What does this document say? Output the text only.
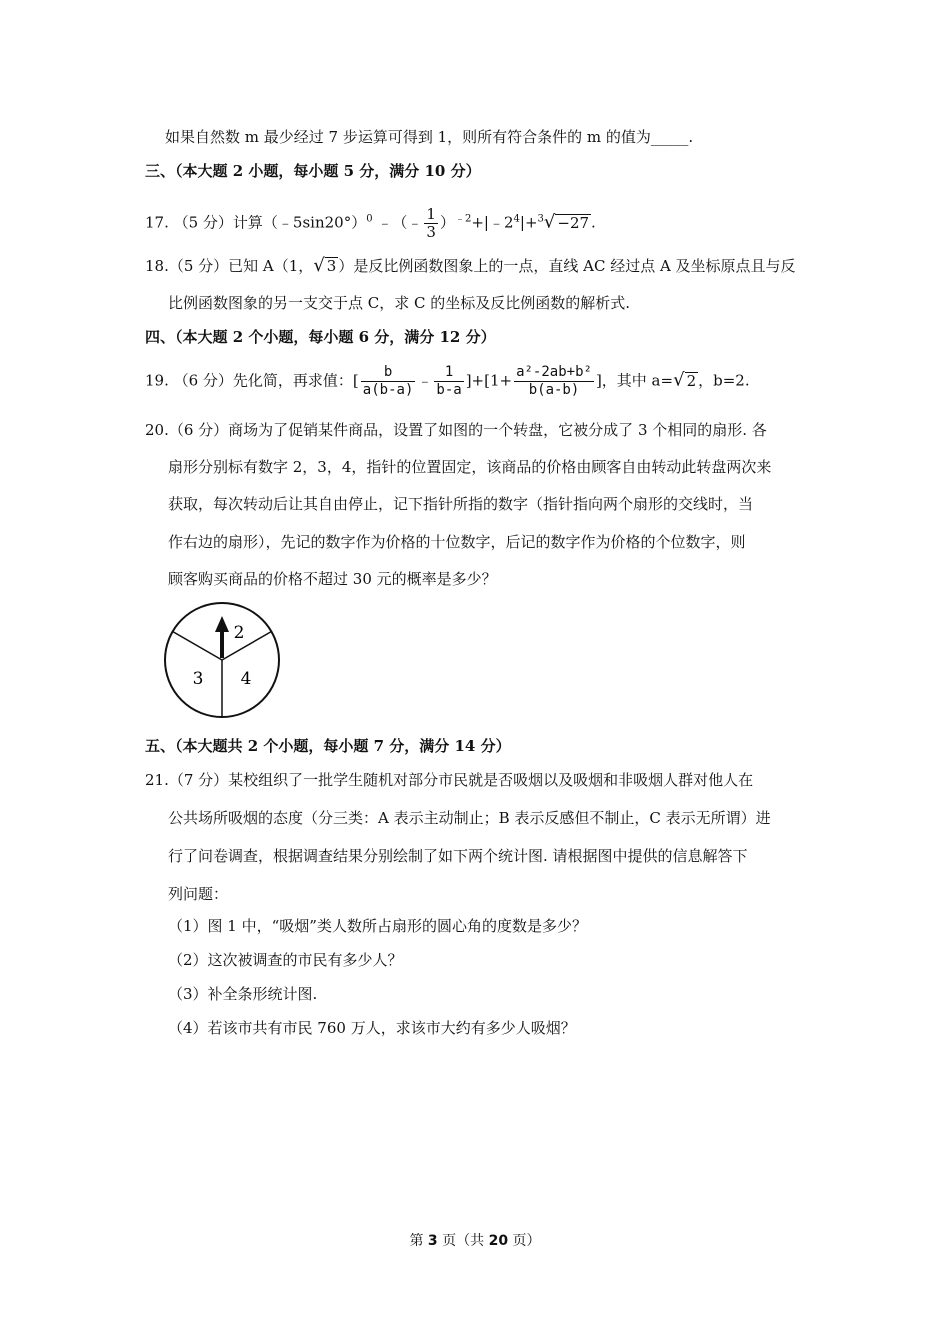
如果自然数 m 最少经过 7 步运算可得到 1，则所有符合条件的 m 的值为_____.
三、（本大题 2 小题，每小题 5 分，满分 10 分）
17. （5 分）计算（﹣5sin20°）$^0$ ﹣（﹣ $\frac{1}{3}$ ）$^{﹣2}+|﹣2^4|+^3√ -27$ .
18.（5 分）已知 A（1，√ 3 ）是反比例函数图象上的一点，直线 AC 经过点 A 及坐标原点且与反
比例函数图象的另一支交于点 C，求 C 的坐标及反比例函数的解析式.
四、（本大题 2 个小题，每小题 6 分，满分 12 分）
19. （6 分）先化简，再求值：[ $\frac{b}{a(b-a)}$ ﹣ $\frac{1}{b-a} ]+[1+ \frac{\text{a²-2ab+b²}}{b(a-b)}$ ]，其中 a=√ 2 ，b=2.
20.（6 分）商场为了促销某件商品，设置了如图的一个转盘，它被分成了 3 个相同的扇形. 各
扇形分别标有数字 2，3，4，指针的位置固定，该商品的价格由顾客自由转动此转盘两次来
获取，每次转动后让其自由停止，记下指针所指的数字（指针指向两个扇形的交线时，当
作右边的扇形），先记的数字作为价格的十位数字，后记的数字作为价格的个位数字，则
顾客购买商品的价格不超过 30 元的概率是多少？
2
3 4
五、（本大题共 2 个小题，每小题 7 分，满分 14 分）
21.（7 分）某校组织了一批学生随机对部分市民就是否吸烟以及吸烟和非吸烟人群对他人在
公共场所吸烟的态度（分三类：A 表示主动制止；B 表示反感但不制止，C 表示无所谓）进
行了问卷调查，根据调查结果分别绘制了如下两个统计图. 请根据图中提供的信息解答下
列问题：
（1）图 1 中，“吸烟”类人数所占扇形的圆心角的度数是多少？
（2）这次被调查的市民有多少人？
（3）补全条形统计图.
（4）若该市共有市民 760 万人，求该市大约有多少人吸烟？
第 3 页（共 20 页）
